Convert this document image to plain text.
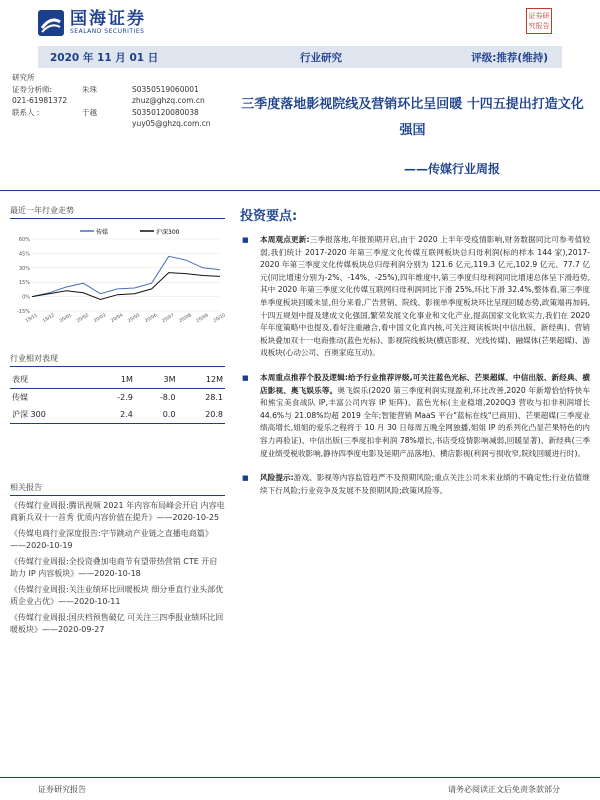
国海证券
SEALAND SECURITIES
证券研究报告
2020 年 11 月 01 日	行业研究	评级:推荐(维持)
研究所
证券分析师:	朱珠	S0350519060001
021-61981372	zhuz@ghzq.com.cn
联系人 :	于越	S0350120080038
yuy05@ghzq.com.cn
三季度落地影视院线及营销环比呈回暖 十四五提出打造文化强国
——传媒行业周报
最近一年行业走势
60%
45%
30%
15%
0%
-15%
19/11 19/12 20/01 20/02 20/03 20/04 20/05 20/06 20/07 20/08 20/09 20/10
传媒	沪深300
行业相对表现
表现	1M	3M	12M
传媒	-2.9	-8.0	28.1
沪深 300	2.4	0.0	20.8
相关报告
《传媒行业周报:腾讯视频 2021 年内容布局峰会开启 内容电商新兵双十一首秀 优质内容价值在提升》——2020-10-25
《传媒电商行业深度报告:字节跳动产业链之直播电商篇》——2020-10-19
《传媒行业周报:全投资叠加电商节有望带热营销 CTE 开启助力 IP 内容板块》——2020-10-18
《传媒行业周报:关注业绩环比回暖板块 细分垂直行业头部优质企业占优》——2020-10-11
《传媒行业周报:国庆档预售破亿 可关注三四季报业绩环比回暖板块》——2020-09-27
投资要点:
■ 本周观点更新:三季报落地,年报预期开启,由于 2020 上半年受疫情影响,财务数据同比可参考值较弱,我们统计 2017-2020 年第三季度文化传媒互联网板块总归母利润(标的样本 144 家),2017-2020 年第三季度文化传媒板块总归母利润分别为 121.6 亿元,119.3 亿元,102.9 亿元、77.7 亿元(同比增速分别为-2%、-14%、-25%),四年维度中,第三季度归母利润同比增速总体呈下滑趋势,其中 2020 年第三季度文化传媒互联网归母利润同比下滑 25%,环比下滑 32.4%,整体看,第三季度单季度板块回暖未显,但分来看,广告营销、院线、影视单季度板块环比呈现回暖态势,政策端再加码,十四五规划中提及建成文化强国,繁荣发展文化事业和文化产业,提高国家文化软实力,我们在 2020 年年度策略中也提及,看好注重融合,看中国文化真内核,可关注阅读板块(中信出版、新经典)、营销板块叠加双十一电商推动(蓝色光标)、影视院线板块(横店影视、光线传媒)、融媒体(芒果超媒)、游戏板块(心动公司、百奥家庭互动)。
■ 本周重点推荐个股及逻辑:给予行业推荐评级,可关注蓝色光标、芒果超媒、中信出版、新经典、横店影视、奥飞娱乐等。奥飞娱乐(2020 第三季度利润实现盈利,环比改善,2020 年新增恰恰特快车和熊宝美食战队 IP,丰富公司内容 IP 矩阵)、蓝色光标(主业稳增,2020Q3 营收与扣非利润增长 44.6%与 21.08%均超 2019 全年;智能营销 MaaS 平台"蓝标在线"已商用)、芒果超媒(三季度业绩高增长,姐姐的爱乐之程将于 10 月 30 日每周五晚全网独播,姐姐 IP 的系列化凸显芒果特色的内容力再验证)、中信出版(三季度扣非利润 78%增长,书店受疫情影响减弱,回暖显著)、新经典(三季度业绩受税收影响,静待四季度电影及延期产品落地)、横店影视(利润亏损收窄,院线回暖进行时)。
■ 风险提示:游戏、影视等内容监管趋严不及预期风险;重点关注公司未来业绩的不确定性;行业估值继续下行风险;行业竞争及发展不及预期风险;政策风险等。
证券研究报告	请务必阅读正文后免责条款部分
